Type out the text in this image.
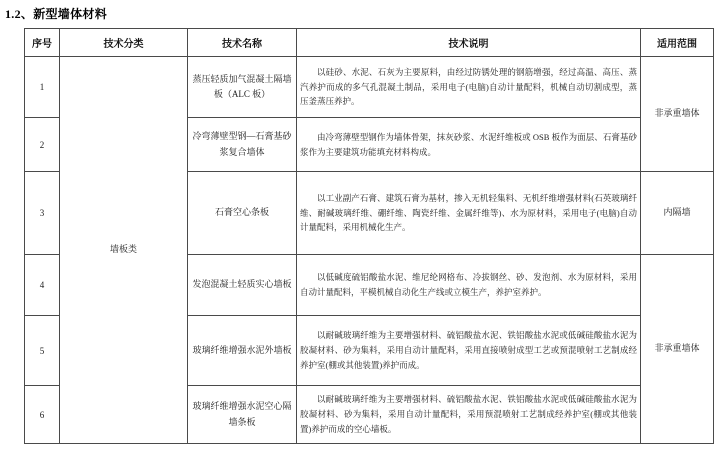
1.2、新型墙体材料
序号	技术分类	技术名称	技术说明	适用范围
1	墙板类	蒸压轻质加气混凝土隔墙板（ALC 板）	以硅砂、水泥、石灰为主要原料，由经过防锈处理的钢筋增强，经过高温、高压、蒸汽养护而成的多气孔混凝土制品，采用电子(电脑)自动计量配料，机械自动切割成型，蒸压釜蒸压养护。	非承重墙体
2		冷弯薄壁型钢—石膏基砂浆复合墙体	由冷弯薄壁型钢作为墙体骨架，抹灰砂浆、水泥纤维板或 OSB 板作为面层、石膏基砂浆作为主要建筑功能填充材料构成。	
3		石膏空心条板	以工业副产石膏、建筑石膏为基材，掺入无机轻集料、无机纤维增强材料(石英玻璃纤维、耐碱玻璃纤维、硼纤维、陶瓷纤维、金属纤维等)、水为原材料，采用电子(电脑)自动计量配料，采用机械化生产。	内隔墙
4		发泡混凝土轻质实心墙板	以低碱度硫铝酸盐水泥、维尼纶网格布、冷拔钢丝、砂、发泡剂、水为原材料，采用自动计量配料，平模机械自动化生产线或立模生产，养护室养护。	非承重墙体
5		玻璃纤维增强水泥外墙板	以耐碱玻璃纤维为主要增强材料、硫铝酸盐水泥、铁铝酸盐水泥或低碱硅酸盐水泥为胶凝材料、砂为集料，采用自动计量配料，采用直接喷射成型工艺或预混喷射工艺制成经养护室(棚或其他装置)养护而成。	
6		玻璃纤维增强水泥空心隔墙条板	以耐碱玻璃纤维为主要增强材料、硫铝酸盐水泥、铁铝酸盐水泥或低碱硅酸盐水泥为胶凝材料、砂为集料，采用自动计量配料，采用预混喷射工艺制成经养护室(棚或其他装置)养护而成的空心墙板。	
